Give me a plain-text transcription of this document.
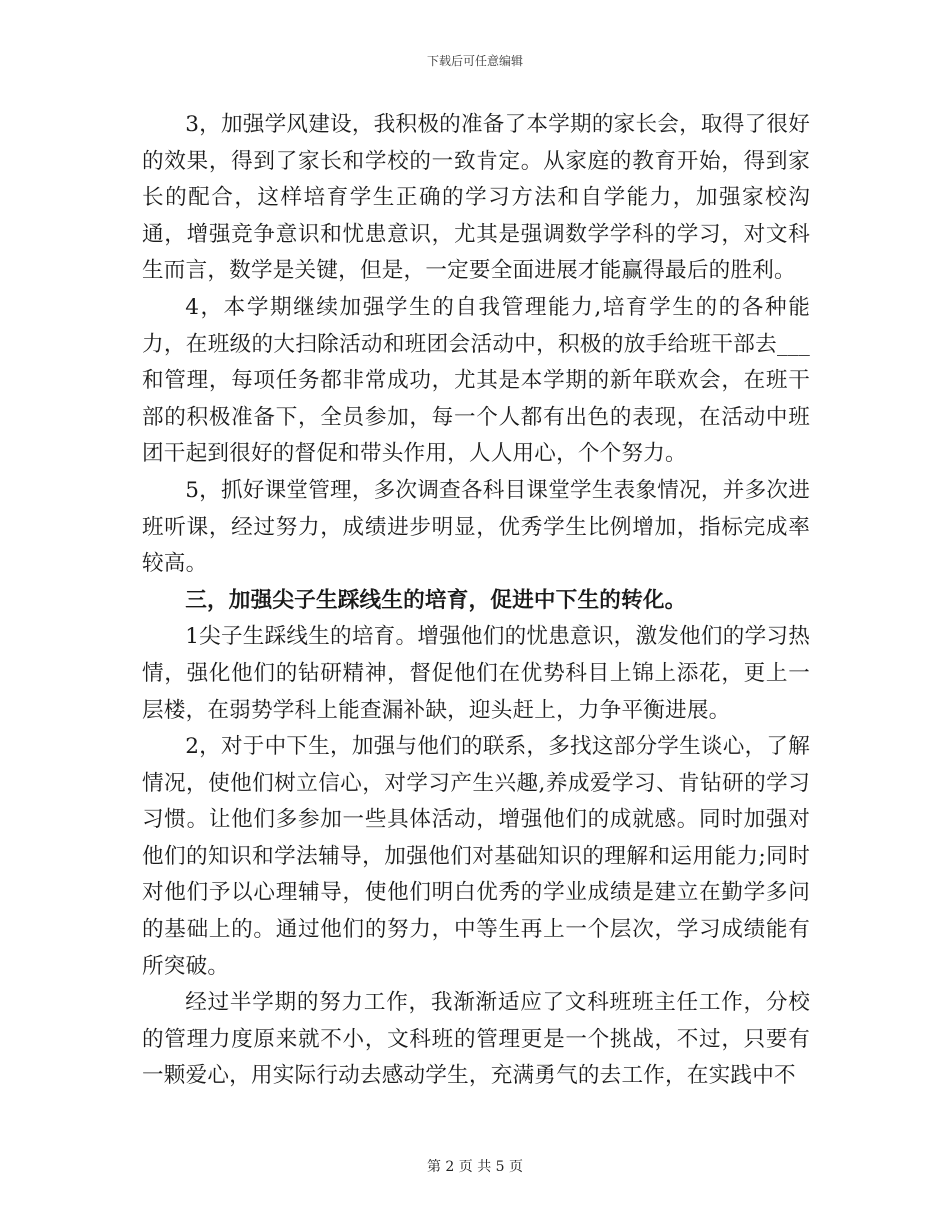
下载后可任意编辑

3，加强学风建设，我积极的准备了本学期的家长会，取得了很好的效果，得到了家长和学校的一致肯定。从家庭的教育开始，得到家长的配合，这样培育学生正确的学习方法和自学能力，加强家校沟通，增强竞争意识和忧患意识，尤其是强调数学学科的学习，对文科生而言，数学是关键，但是，一定要全面进展才能赢得最后的胜利。

4，本学期继续加强学生的自我管理能力,培育学生的的各种能力，在班级的大扫除活动和班团会活动中，积极的放手给班干部去___和管理，每项任务都非常成功，尤其是本学期的新年联欢会，在班干部的积极准备下，全员参加，每一个人都有出色的表现，在活动中班团干起到很好的督促和带头作用，人人用心，个个努力。

5，抓好课堂管理，多次调查各科目课堂学生表象情况，并多次进班听课，经过努力，成绩进步明显，优秀学生比例增加，指标完成率较高。

三，加强尖子生踩线生的培育，促进中下生的转化。

1尖子生踩线生的培育。增强他们的忧患意识，激发他们的学习热情，强化他们的钻研精神，督促他们在优势科目上锦上添花，更上一层楼，在弱势学科上能查漏补缺，迎头赶上，力争平衡进展。

2，对于中下生，加强与他们的联系，多找这部分学生谈心，了解情况，使他们树立信心，对学习产生兴趣,养成爱学习、肯钻研的学习习惯。让他们多参加一些具体活动，增强他们的成就感。同时加强对他们的知识和学法辅导，加强他们对基础知识的理解和运用能力;同时对他们予以心理辅导，使他们明白优秀的学业成绩是建立在勤学多问的基础上的。通过他们的努力，中等生再上一个层次，学习成绩能有所突破。

经过半学期的努力工作，我渐渐适应了文科班班主任工作，分校的管理力度原来就不小，文科班的管理更是一个挑战，不过，只要有一颗爱心，用实际行动去感动学生，充满勇气的去工作，在实践中不

第 2 页 共 5 页
